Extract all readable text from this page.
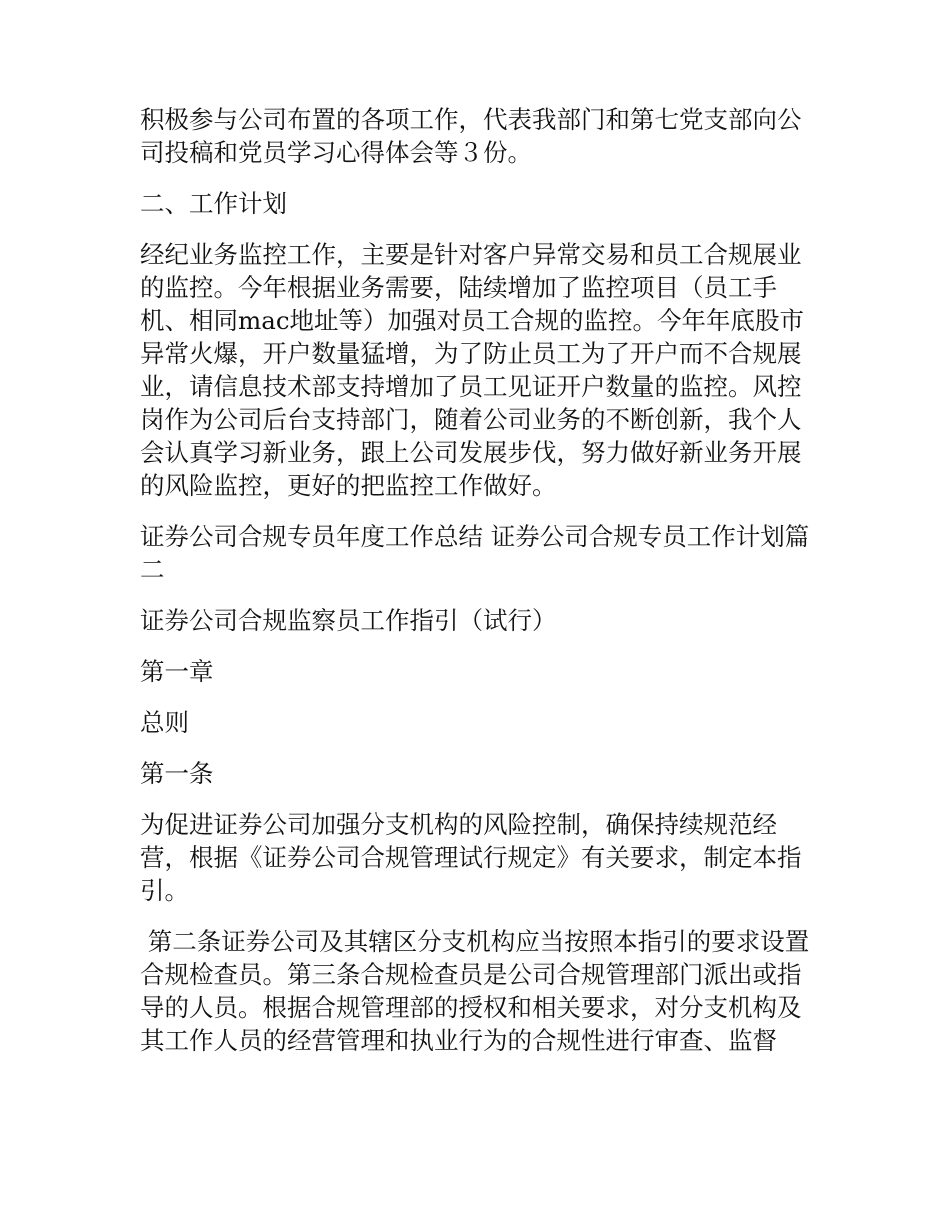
积极参与公司布置的各项工作，代表我部门和第七党支部向公司投稿和党员学习心得体会等３份。

二、工作计划

经纪业务监控工作，主要是针对客户异常交易和员工合规展业的监控。今年根据业务需要，陆续增加了监控项目（员工手机、相同mac地址等）加强对员工合规的监控。今年年底股市异常火爆，开户数量猛增，为了防止员工为了开户而不合规展业，请信息技术部支持增加了员工见证开户数量的监控。风控岗作为公司后台支持部门，随着公司业务的不断创新，我个人会认真学习新业务，跟上公司发展步伐，努力做好新业务开展的风险监控，更好的把监控工作做好。

证券公司合规专员年度工作总结 证券公司合规专员工作计划篇二

证券公司合规监察员工作指引（试行）

第一章

总则

第一条

为促进证券公司加强分支机构的风险控制，确保持续规范经营，根据《证券公司合规管理试行规定》有关要求，制定本指引。

第二条证券公司及其辖区分支机构应当按照本指引的要求设置合规检查员。第三条合规检查员是公司合规管理部门派出或指导的人员。根据合规管理部的授权和相关要求，对分支机构及其工作人员的经营管理和执业行为的合规性进行审查、监督
